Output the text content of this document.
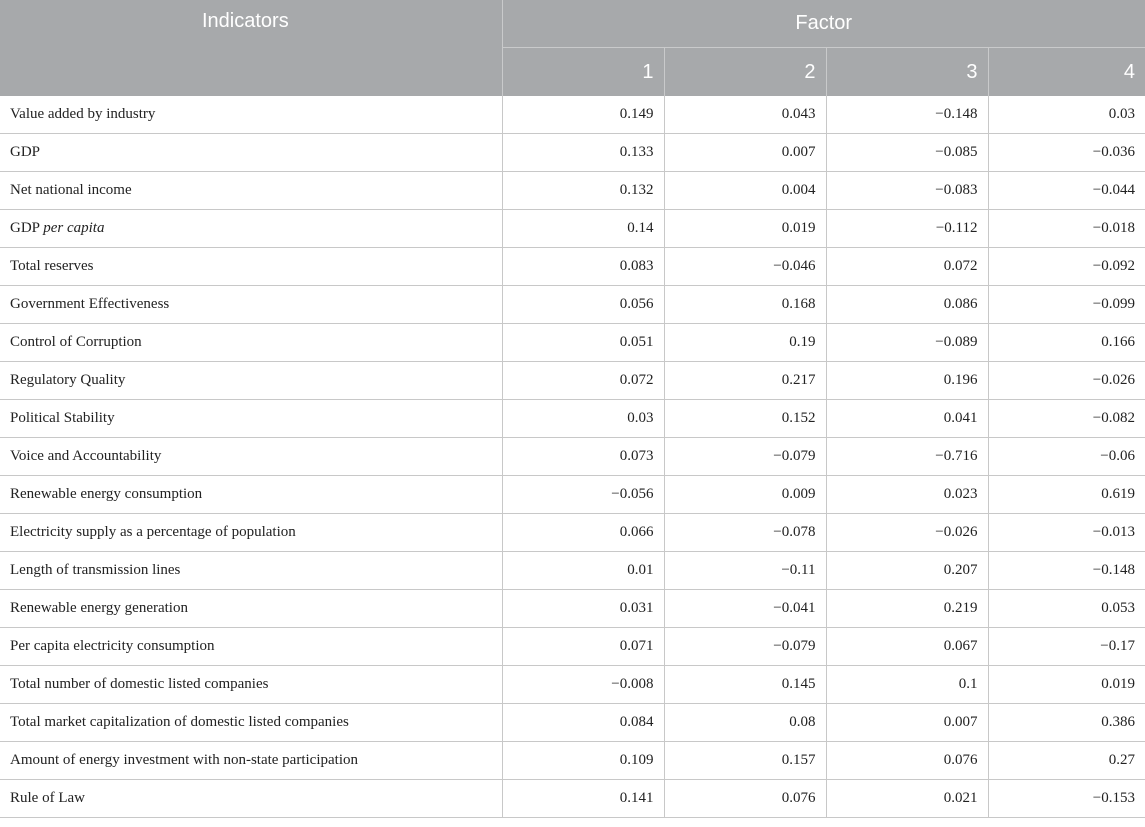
Indicators	Factor			
	1	2	3	4
Value added by industry	0.149	0.043	−0.148	0.03
GDP	0.133	0.007	−0.085	−0.036
Net national income	0.132	0.004	−0.083	−0.044
GDP per capita	0.14	0.019	−0.112	−0.018
Total reserves	0.083	−0.046	0.072	−0.092
Government Effectiveness	0.056	0.168	0.086	−0.099
Control of Corruption	0.051	0.19	−0.089	0.166
Regulatory Quality	0.072	0.217	0.196	−0.026
Political Stability	0.03	0.152	0.041	−0.082
Voice and Accountability	0.073	−0.079	−0.716	−0.06
Renewable energy consumption	−0.056	0.009	0.023	0.619
Electricity supply as a percentage of population	0.066	−0.078	−0.026	−0.013
Length of transmission lines	0.01	−0.11	0.207	−0.148
Renewable energy generation	0.031	−0.041	0.219	0.053
Per capita electricity consumption	0.071	−0.079	0.067	−0.17
Total number of domestic listed companies	−0.008	0.145	0.1	0.019
Total market capitalization of domestic listed companies	0.084	0.08	0.007	0.386
Amount of energy investment with non-state participation	0.109	0.157	0.076	0.27
Rule of Law	0.141	0.076	0.021	−0.153
